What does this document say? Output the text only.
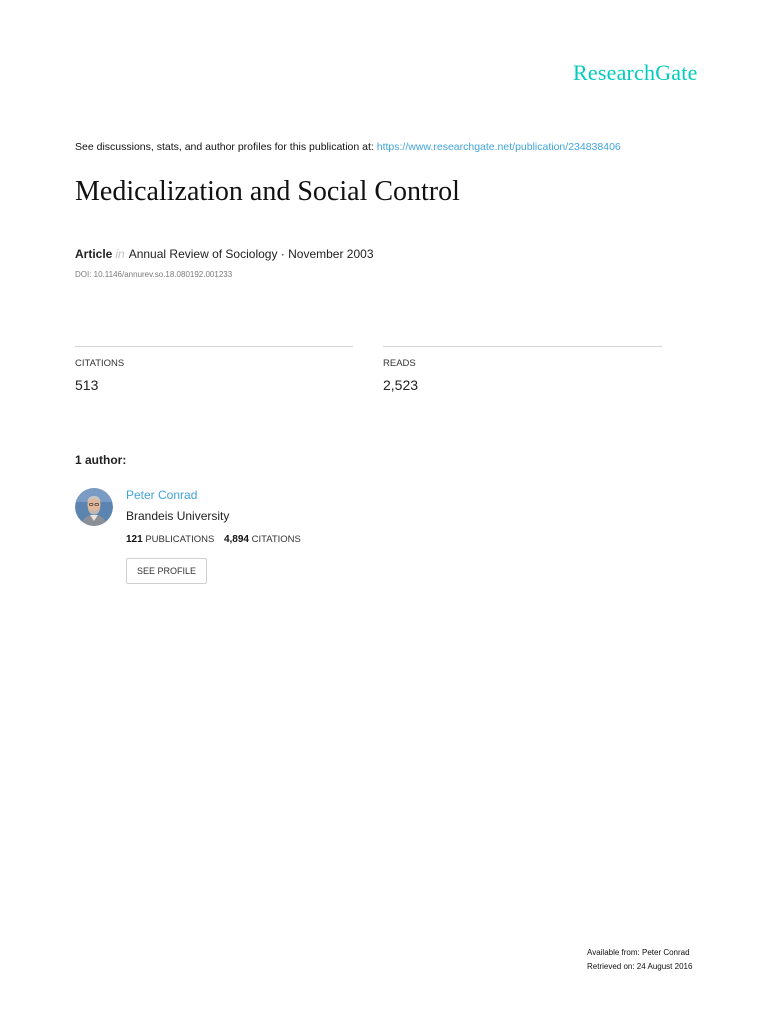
ResearchGate
See discussions, stats, and author profiles for this publication at: https://www.researchgate.net/publication/234838406
Medicalization and Social Control
Article in Annual Review of Sociology · November 2003
DOI: 10.1146/annurev.so.18.080192.001233
CITATIONS
513
READS
2,523
1 author:
Peter Conrad
Brandeis University
121 PUBLICATIONS 4,894 CITATIONS
SEE PROFILE
Available from: Peter Conrad
Retrieved on: 24 August 2016
